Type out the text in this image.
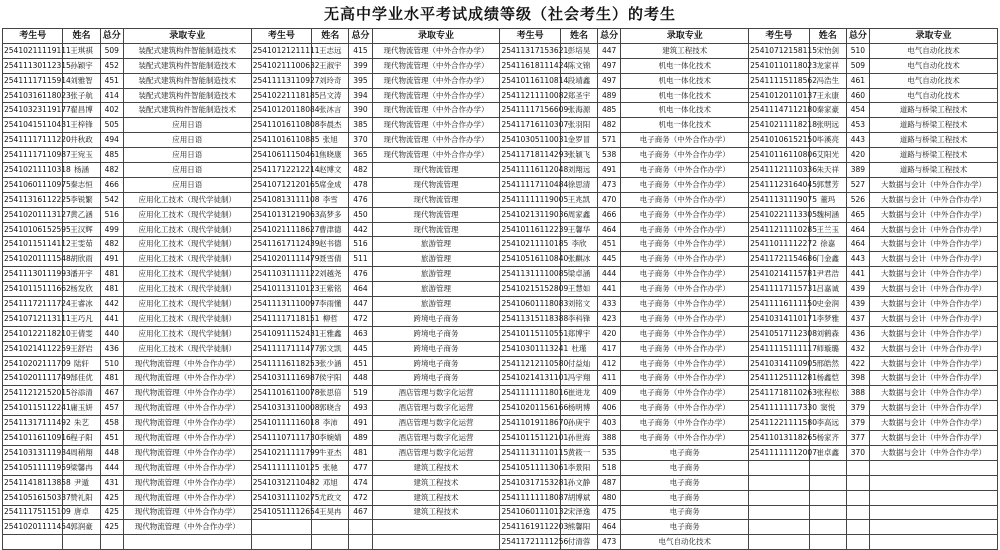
无高中学业水平考试成绩等级（社会考生）的考生
考生号	姓名	总分	录取专业	考生号	姓名	总分	录取专业	考生号	姓名	总分	录取专业	考生号	姓名	总分	录取专业
25410211119111	王琪祺	509	装配式建筑构件智能制造技术	25410121211111	王志远	415	现代物流管理（中外合作办学）	25411317153621	彭培昊	447	建筑工程技术	25410712158115	宋怡剑	510	电气自动化技术
25411130112315	孙颖宇	452	装配式建筑构件智能制造技术	25410211100632	王淑宇	399	现代物流管理（中外合作办学）	25411618111424	陈文锦	497	机电一体化技术	25410110118023	龙家祥	509	电气自动化技术
25411117115914	刘雅智	451	装配式建筑构件智能制造技术	25411113110927	刘玲奇	395	现代物流管理（中外合作办学）	25410116110814	段靖鑫	497	机电一体化技术	25411115118562	冯浩生	461	电气自动化技术
25410316118023	张子航	414	装配式建筑构件智能制造技术	25410221118185	吕文涛	394	现代物流管理（中外合作办学）	25411211110082	郑圣宇	489	机电一体化技术	25410120110137	王永康	460	电气自动化技术
25410323119177	翟昌博	402	装配式建筑构件智能制造技术	25410120118084	张沐言	390	现代物流管理（中外合作办学）	25411117156609	张海源	485	机电一体化技术	25411147112180	秦家豪	454	道路与桥梁工程技术
25410415110431	王梓锋	505	应用日语	25411016110808	李晨杰	385	现代物流管理（中外合作办学）	25411716110307	张羽阳	482	机电一体化技术	25410211118218	张明远	453	道路与桥梁工程技术
25411117111220	井秋政	494	应用日语	25411016110885	张旭	370	现代物流管理（中外合作办学）	25410305110031	金罗冒	571	电子商务（中外合作办学）	25410106152150	毕溪亮	443	道路与桥梁工程技术
25411117110987	王宛玉	485	应用日语	25410611150461	焦晓康	365	现代物流管理（中外合作办学）	25411718114293	张颖飞	538	电子商务（中外合作办学）	25410116110806	艾阳光	420	道路与桥梁工程技术
25410211110318	杨涵	482	应用日语	25411712212214	赵博文	482	现代物流管理	25411116112048	刘翔远	491	电子商务（中外合作办学）	25411121110336	朱天祥	389	道路与桥梁工程技术
25410601110975	秦志恒	466	应用日语	25410712120165	席金成	478	现代物流管理	25411117110484	徐思清	473	电子商务（中外合作办学）	25411123164045	郭慧芳	527	大数据与会计（中外合作办学）
25411316112225	李锐繁	542	应用化工技术（现代学徒制）	25410813111108	李雪	476	现代物流管理	25411111119005	王兆凯	470	电子商务（中外合作办学）	25411131119075	董玛	526	大数据与会计（中外合作办学）
25410201113127	黄乙涵	516	应用化工技术（现代学徒制）	25410131219063	高梦多	450	现代物流管理	25410213119036	周家鑫	466	电子商务（中外合作办学）	25410221113305	魏柯涵	465	大数据与会计（中外合作办学）
25410106152595	王汉辉	499	应用化工技术（现代学徒制）	25410211118627	曹津德	442	现代物流管理	25410116112239	王馨华	464	电子商务（中外合作办学）	25411211110285	王兰玉	464	大数据与会计（中外合作办学）
25410115114112	王雯茹	482	应用化工技术（现代学徒制）	25411617112439	赵书德	516	旅游管理	25410211110185	李欣	451	电子商务（中外合作办学）	25411011112272	徐嘉	464	大数据与会计（中外合作办学）
25410201111548	胡欣雨	491	应用化工技术（现代学徒制）	25410201111479	聂雪倩	511	旅游管理	25410516110840	张麒冰	445	电子商务（中外合作办学）	25411721154686	门金鑫	443	大数据与会计（中外合作办学）
25411130111993	潘开宇	481	应用化工技术（现代学徒制）	25411031111122	刘越尧	476	旅游管理	25411311110085	梁卓涵	444	电子商务（中外合作办学）	25410214115781	尹君浩	441	大数据与会计（中外合作办学）
25410115111662	杨发欣	481	应用化工技术（现代学徒制）	25410113110123	王紫铭	464	旅游管理	25410215152809	王慧如	441	电子商务（中外合作办学）	25411117115731	吕嘉诚	439	大数据与会计（中外合作办学）
25411172111724	王睿冰	442	应用化工技术（现代学徒制）	25411131110097	李雨懂	447	旅游管理	25410601118083	刘铭文	433	电子商务（中外合作办学）	25411116111150	史金润	439	大数据与会计（中外合作办学）
25410712113111	王巧凡	441	应用化工技术（现代学徒制）	25411117118151	柳哲	472	跨境电子商务	25411315118388	李科锋	423	电子商务（中外合作办学）	25410314110171	李梦雅	437	大数据与会计（中外合作办学）
25410122118210	王倩雯	440	应用化工技术（现代学徒制）	25410911152431	王雅鑫	463	跨境电子商务	25410115110551	郑博宇	420	电子商务（中外合作办学）	25410517112308	刘鹤森	436	大数据与会计（中外合作办学）
25410214112259	王舒岩	436	应用化工技术（现代学徒制）	25411117111477	郭文凯	445	跨境电子商务	25410301113241	杜瑾	417	电子商务（中外合作办学）	25411115111117	师璇璐	432	大数据与会计（中外合作办学）
25410202111709	陆轩	510	现代物流管理（中外合作办学）	25411116118253	张少涵	451	跨境电子商务	25411212110580	付益灿	412	电子商务（中外合作办学）	25410314110905	邢皓然	422	大数据与会计（中外合作办学）
25410201111749	郜佳优	481	现代物流管理（中外合作办学）	25410311116987	侯宇阳	448	跨境电子商务	25410214131101	冯宇翔	411	电子商务（中外合作办学）	25411125111281	杨鑫恺	398	大数据与会计（中外合作办学）
25411212152015	谷添清	467	现代物流管理（中外合作办学）	25411016110078	张思倍	519	酒店管理与数字化运营	25411111118016	崔进龙	409	电子商务（中外合作办学）	25411718110263	张程松	388	大数据与会计（中外合作办学）
25410115112241	庸玉妍	457	现代物流管理（中外合作办学）	25410313110008	郭晓含	493	酒店管理与数字化运营	25410201156166	杨明博	406	电子商务（中外合作办学）	25411111117330	窦悦	379	大数据与会计（中外合作办学）
25411317111492	朱艺	458	现代物流管理（中外合作办学）	25410111116018	李沛	491	酒店管理与数字化运营	25411019118670	孙庚宇	403	电子商务（中外合作办学）	25411221111580	李高远	379	大数据与会计（中外合作办学）
25410116110916	程子阳	451	现代物流管理（中外合作办学）	25411107111730	李婉婧	489	酒店管理与数字化运营	25410115112101	孙世海	388	电子商务（中外合作办学）	25411013118265	杨家齐	377	大数据与会计（中外合作办学）
25410313111934	周稍翔	448	现代物流管理（中外合作办学）	25410211111799	牛亚杰	481	酒店管理与数字化运营	25411131110115	黄筱一	535	电子商务	25411111112007	崔卓鑫	370	大数据与会计（中外合作办学）
25410511111959	梁馨冉	444	现代物流管理（中外合作办学）	25411111110125	张驰	477	建筑工程技术	25410511113061	李景阳	518	电子商务				
25411418113858	尹遁	431	现代物流管理（中外合作办学）	25410312110482	邓旭	474	建筑工程技术	25410317153281	孙文静	487	电子商务				
25410516150337	赞礼阳	425	现代物流管理（中外合作办学）	25410311110275	尤政文	472	建筑工程技术	25411111118087	胡博斌	480	电子商务				
25411175115109	唐卓	425	现代物流管理（中外合作办学）	25410511112654	王昊冉	467	建筑工程技术	25410601110132	宋泽逸	475	电子商务				
25410201111454	郭润豪	425	现代物流管理（中外合作办学）					25411619112203	熊馨阳	464	电子商务				
								25411721111256	付清蓉	473	电气自动化技术				
